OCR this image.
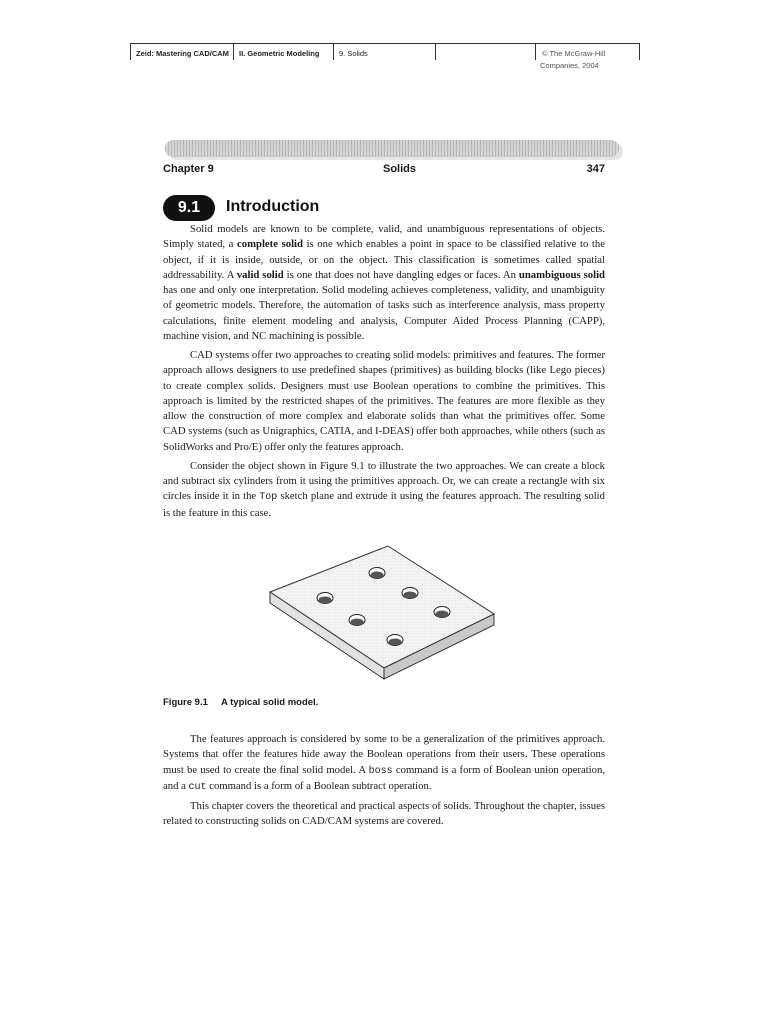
Zeid: Mastering CAD/CAM	II. Geometric Modeling	9. Solids	© The McGraw-Hill
Companies, 2004
Chapter 9	Solids	347
9.1	Introduction

Solid models are known to be complete, valid, and unambiguous representations of objects. Simply stated, a complete solid is one which enables a point in space to be classified relative to the object, if it is inside, outside, or on the object. This classification is sometimes called spatial addressability. A valid solid is one that does not have dangling edges or faces. An unambiguous solid has one and only one interpretation. Solid modeling achieves completeness, validity, and unambiguity of geometric models. Therefore, the automation of tasks such as interference analysis, mass property calculations, finite element modeling and analysis, Computer Aided Process Planning (CAPP), machine vision, and NC machining is possible.

CAD systems offer two approaches to creating solid models: primitives and features. The former approach allows designers to use predefined shapes (primitives) as building blocks (like Lego pieces) to create complex solids. Designers must use Boolean operations to combine the primitives. This approach is limited by the restricted shapes of the primitives. The features are more flexible as they allow the construction of more complex and elaborate solids than what the primitives offer. Some CAD systems (such as Unigraphics, CATIA, and I-DEAS) offer both approaches, while others (such as SolidWorks and Pro/E) offer only the features approach.

Consider the object shown in Figure 9.1 to illustrate the two approaches. We can create a block and subtract six cylinders from it using the primitives approach. Or, we can create a rectangle with six circles inside it in the Top sketch plane and extrude it using the features approach. The resulting solid is the feature in this case.

Figure 9.1 A typical solid model.

The features approach is considered by some to be a generalization of the primitives approach. Systems that offer the features hide away the Boolean operations from their users. These operations must be used to create the final solid model. A boss command is a form of Boolean union operation, and a cut command is a form of a Boolean subtract operation.

This chapter covers the theoretical and practical aspects of solids. Throughout the chapter, issues related to constructing solids on CAD/CAM systems are covered.
